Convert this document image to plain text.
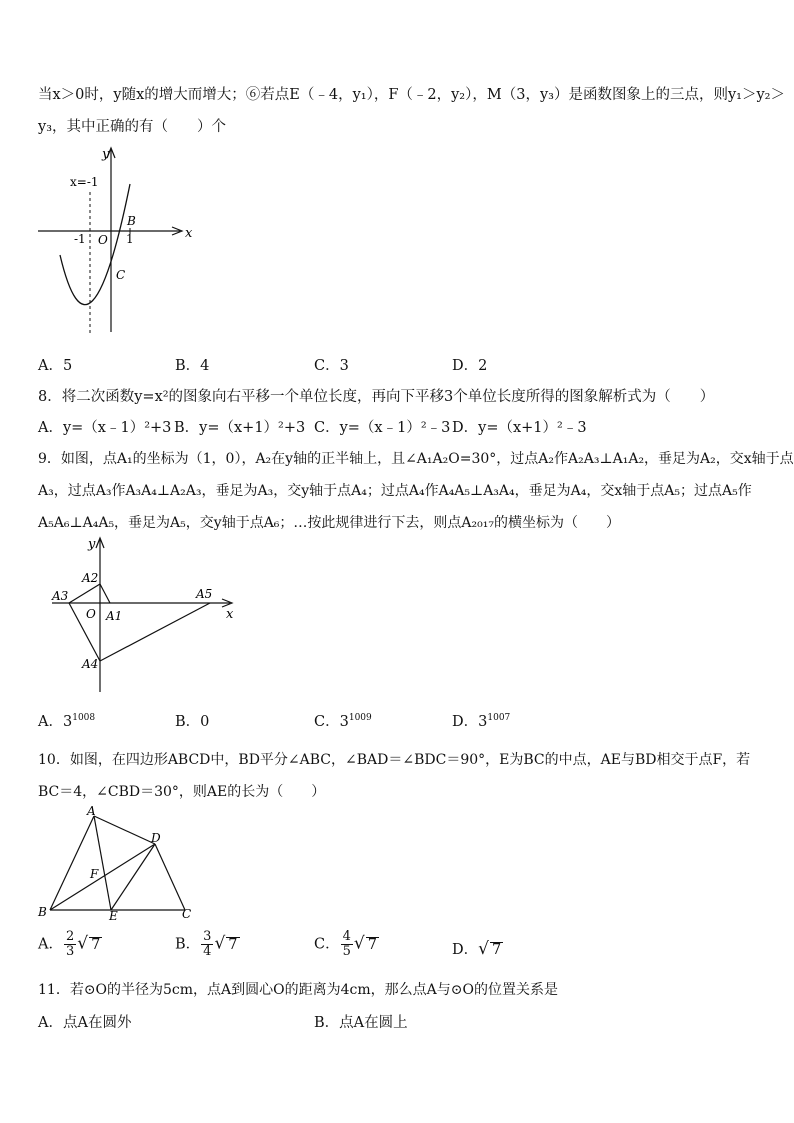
当x＞0时，y随x的增大而增大；⑥若点E（﹣4，y₁），F（﹣2，y₂），M（3，y₃）是函数图象上的三点，则y₁＞y₂＞
y₃，其中正确的有（　　）个
y
x
x=-1
-1 O 1
B
C
A．5	B．4	C．3	D．2
8．将二次函数y=x²的图象向右平移一个单位长度，再向下平移3个单位长度所得的图象解析式为（　　）
A．y=（x﹣1）²+3 B．y=（x+1）²+3 C．y=（x﹣1）²﹣3 D．y=（x+1）²﹣3
9．如图，点A₁的坐标为（1，0），A₂在y轴的正半轴上，且∠A₁A₂O=30°，过点A₂作A₂A₃⊥A₁A₂，垂足为A₂，交x轴于点
A₃，过点A₃作A₃A₄⊥A₂A₃，垂足为A₃，交y轴于点A₄；过点A₄作A₄A₅⊥A₃A₄，垂足为A₄，交x轴于点A₅；过点A₅作
A₅A₆⊥A₄A₅，垂足为A₅，交y轴于点A₆；…按此规律进行下去，则点A₂₀₁₇的横坐标为（　　）
y
x
A2
A3
O A1
A5
A4
A．$3^{1008}$	B．0	C．$3^{1009}$	D．$3^{1007}$
10．如图，在四边形ABCD中，BD平分∠ABC，∠BAD＝∠BDC＝90°，E为BC的中点，AE与BD相交于点F，若
BC＝4，∠CBD＝30°，则AE的长为（　　）
A
D
F
B	E	C
A． $\frac{2}{3}$ √ 7	B． $\frac{3}{4}$ √ 7	C． $\frac{4}{5}$ √ 7	D．√ 7
11．若⊙O的半径为5cm，点A到圆心O的距离为4cm，那么点A与⊙O的位置关系是
A．点A在圆外	B．点A在圆上
